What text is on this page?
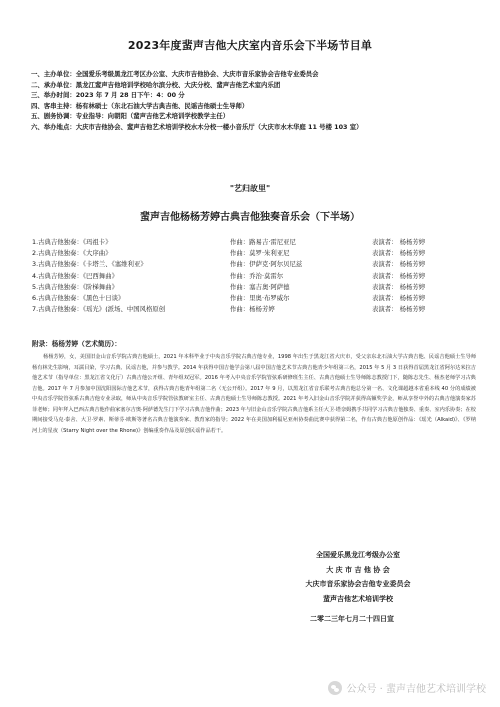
2023年度蜚声吉他大庆室内音乐会下半场节目单
一、主办单位：全国爱乐考级黑龙江考区办公室、大庆市吉他协会、大庆市音乐家协会吉他专业委员会
二、承办单位：黑龙江蜚声吉他培训学校哈尔滨分校、大庆分校、蜚声吉他艺术室内乐团
三、举办时间：2023 年 7 月 28 日下午：4：00 分
四、客串主持：杨有林硕士（东北石油大学古典吉他、民谣吉他硕士生导师）
五、剧务协调：专业指导：向朝阳（蜚声吉他艺术培训学校教学主任）
六、举办地点：大庆市吉他协会、蜚声吉他艺术培训学校水木分校一楼小音乐厅（大庆市水木华庭 11 号楼 103 室）
"艺归故里"
蜚声吉他杨杨芳婷古典吉他独奏音乐会（下半场）
1.古典吉他独奏：《玛祖卡》	作曲：路易吉·雷尼亚尼	表演者： 杨杨芳婷
2.古典吉他独奏：《大序曲》	作曲：莫罗·朱利亚尼	表演者： 杨杨芳婷
3.古典吉他独奏：《卡塔兰、《塞维利亚》	作曲：伊萨克·阿尔贝尼兹	表演者： 杨杨芳婷
4.古典吉他独奏：《巴西舞曲》	作曲：乔治·莫雷尔	表演者： 杨杨芳婷
5.古典吉他独奏：《阶梯舞曲》	作曲：塞吉奥·阿萨德	表演者： 杨杨芳婷
6.古典吉他独奏：《黑色十日谈》	作曲：里奥·布罗威尔	表演者： 杨杨芳婷
7.古典吉他独奏：《瑶光》(派场、中国风格原创	作曲：杨杨芳婷	表演者： 杨杨芳婷
附录：杨杨芳婷（艺术简历）：
杨杨芳婷，女，美国旧金山音乐学院古典吉他硕士，2021 年本科毕业于中央音乐学院古典吉他专业，1998 年出生于黑龙江省大庆市，受父亲东北石油大学古典吉他、民谣吉他硕士生导师杨有林先生影响，耳濡目染，学习古典、民谣吉他，并参与教学。2014 年获得中国吉他学会第八届中国吉他艺术节古典吉他青少年组第三名，2015 年 5 月 3 日获得首届黑龙江省阿尔达米拉吉他艺术节（指导单位：黑龙江省文化厅）古典吉他公开组、青年组双冠军。2016 年考入中央音乐学院管弦系研修班生主任、古典吉他硕士生导师陈志教授门下，随陈志先生、杨杰老师学习古典吉他。2017 年 7 月参加中国沈阳国际吉他艺术节，获得古典吉他青年组第二名（无公开组）。2017 年 9 月，以黑龙江省音乐联考古典吉他总分第一名、文化课超越本省重本线 40 分的成绩被中央音乐学院管弦系古典吉他专业录取，师从中央音乐学院管弦教研室主任、古典吉他硕士生导师陈志教授。2021 年考入旧金山音乐学院并获得高额奖学金，师从享誉中外的古典吉他演奏家苏菲老师；同年拜入巴西古典吉他作曲家塞尔吉奥·阿萨德先生门下学习古典吉他作曲；2023 年与旧金山音乐学院古典吉他系主任大卫·塔奈姆携手共同学习古典吉他独奏、重奏、室内乐协奏；在校期间接受马克·泰舍、大卫·罗素、斯蒂芬·欧斯等著名古典吉他演奏家、教育家的指导；2022 年在美国加利福尼亚州协奏曲比赛中获得第二名，作有古典吉他原创作品：《瑶光（Alkaid)》、《罗纳河上的星夜（Starry Night over the Rhone)》创编重奏作品及原创民谣作品若干。
全国爱乐黑龙江考级办公室
大 庆 市 吉 他 协 会
大庆市音乐家协会吉他专业委员会
蜚声吉他艺术培训学校
二零二三年七月二十四日宣
公众号 · 蜚声吉他艺术培训学校
